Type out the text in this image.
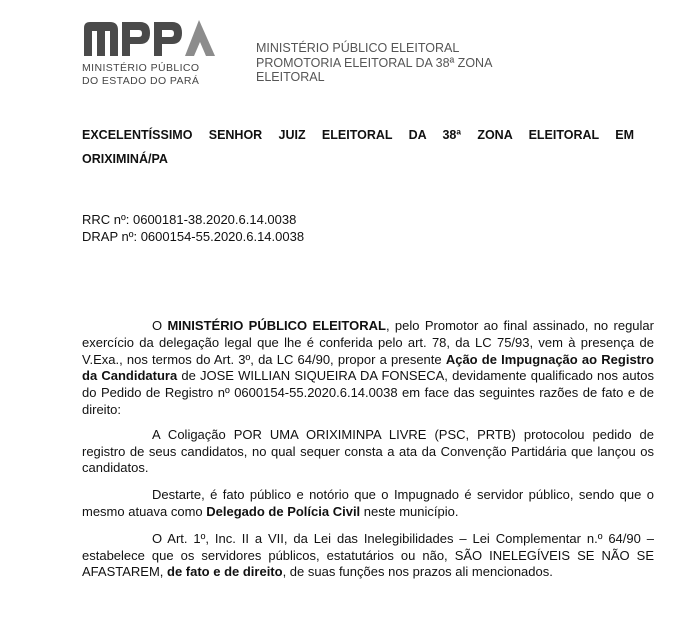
MINISTÉRIO PÚBLICO
DO ESTADO DO PARÁ
MINISTÉRIO PÚBLICO ELEITORAL
PROMOTORIA ELEITORAL DA 38ª ZONA
ELEITORAL
EXCELENTÍSSIMO SENHOR JUIZ ELEITORAL DA 38ª ZONA ELEITORAL EM
ORIXIMINÁ/PA
RRC nº: 0600181-38.2020.6.14.0038
DRAP nº: 0600154-55.2020.6.14.0038

O MINISTÉRIO PÚBLICO ELEITORAL, pelo Promotor ao final assinado, no regular exercício da delegação legal que lhe é conferida pelo art. 78, da LC 75/93, vem à presença de V.Exa., nos termos do Art. 3º, da LC 64/90, propor a presente Ação de Impugnação ao Registro da Candidatura de JOSE WILLIAN SIQUEIRA DA FONSECA, devidamente qualificado nos autos do Pedido de Registro nº 0600154-55.2020.6.14.0038 em face das seguintes razões de fato e de direito:

A Coligação POR UMA ORIXIMINPA LIVRE (PSC, PRTB) protocolou pedido de registro de seus candidatos, no qual sequer consta a ata da Convenção Partidária que lançou os candidatos.

Destarte, é fato público e notório que o Impugnado é servidor público, sendo que o mesmo atuava como Delegado de Polícia Civil neste município.

O Art. 1º, Inc. II a VII, da Lei das Inelegibilidades – Lei Complementar n.º 64/90 – estabelece que os servidores públicos, estatutários ou não, SÃO INELEGÍVEIS SE NÃO SE AFASTAREM, de fato e de direito, de suas funções nos prazos ali mencionados.
